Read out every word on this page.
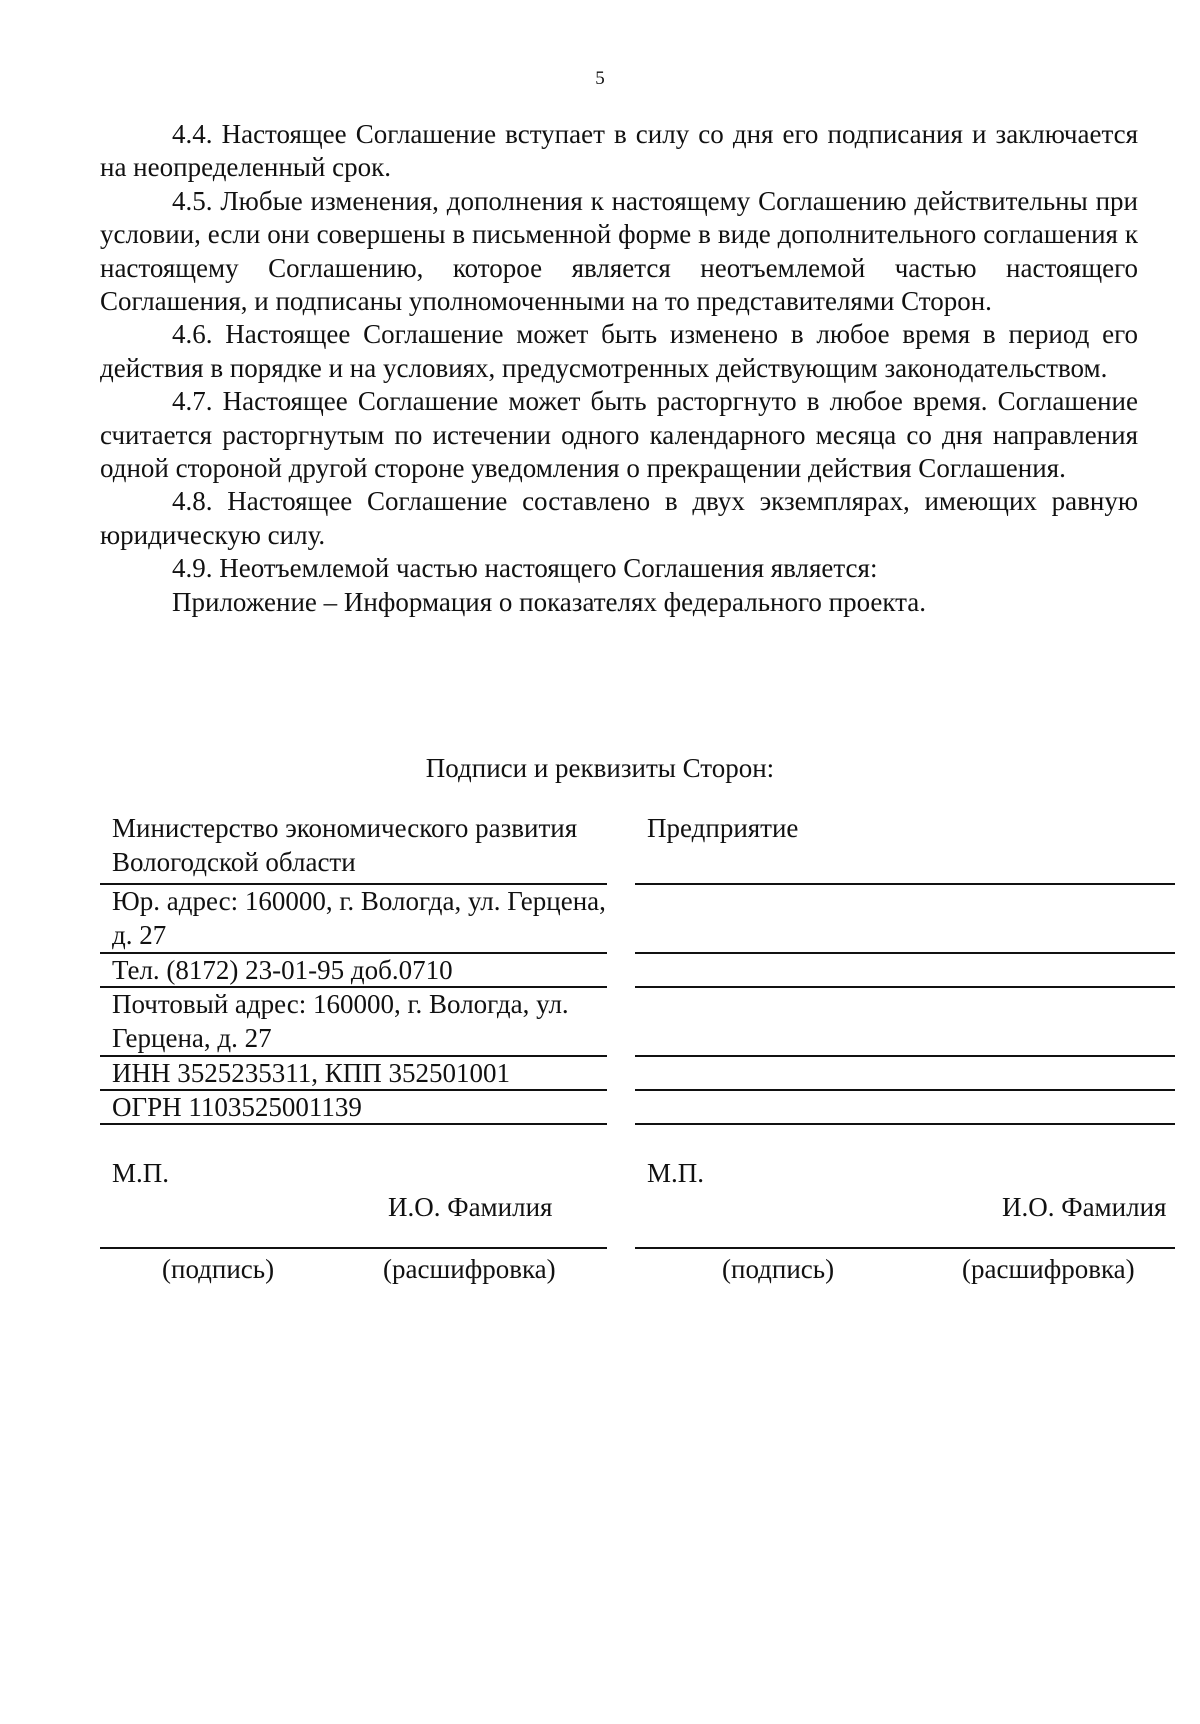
5

4.4. Настоящее Соглашение вступает в силу со дня его подписания и заключается на неопределенный срок.

4.5. Любые изменения, дополнения к настоящему Соглашению действительны при условии, если они совершены в письменной форме в виде дополнительного соглашения к настоящему Соглашению, которое является неотъемлемой частью настоящего Соглашения, и подписаны уполномоченными на то представителями Сторон.

4.6. Настоящее Соглашение может быть изменено в любое время в период его действия в порядке и на условиях, предусмотренных действующим законодательством.

4.7. Настоящее Соглашение может быть расторгнуто в любое время. Соглашение считается расторгнутым по истечении одного календарного месяца со дня направления одной стороной другой стороне уведомления о прекращении действия Соглашения.

4.8. Настоящее Соглашение составлено в двух экземплярах, имеющих равную юридическую силу.

4.9. Неотъемлемой частью настоящего Соглашения является:

Приложение – Информация о показателях федерального проекта.

Подписи и реквизиты Сторон:
Министерство экономического развития Вологодской области
Юр. адрес: 160000, г. Вологда, ул. Герцена, д. 27
Тел. (8172) 23-01-95 доб.0710
Почтовый адрес: 160000, г. Вологда, ул. Герцена, д. 27
ИНН 3525235311, КПП 352501001
ОГРН 1103525001139
Предприятие
М.П.
И.О. Фамилия
(подпись)	(расшифровка)
М.П.
И.О. Фамилия
(подпись)	(расшифровка)
